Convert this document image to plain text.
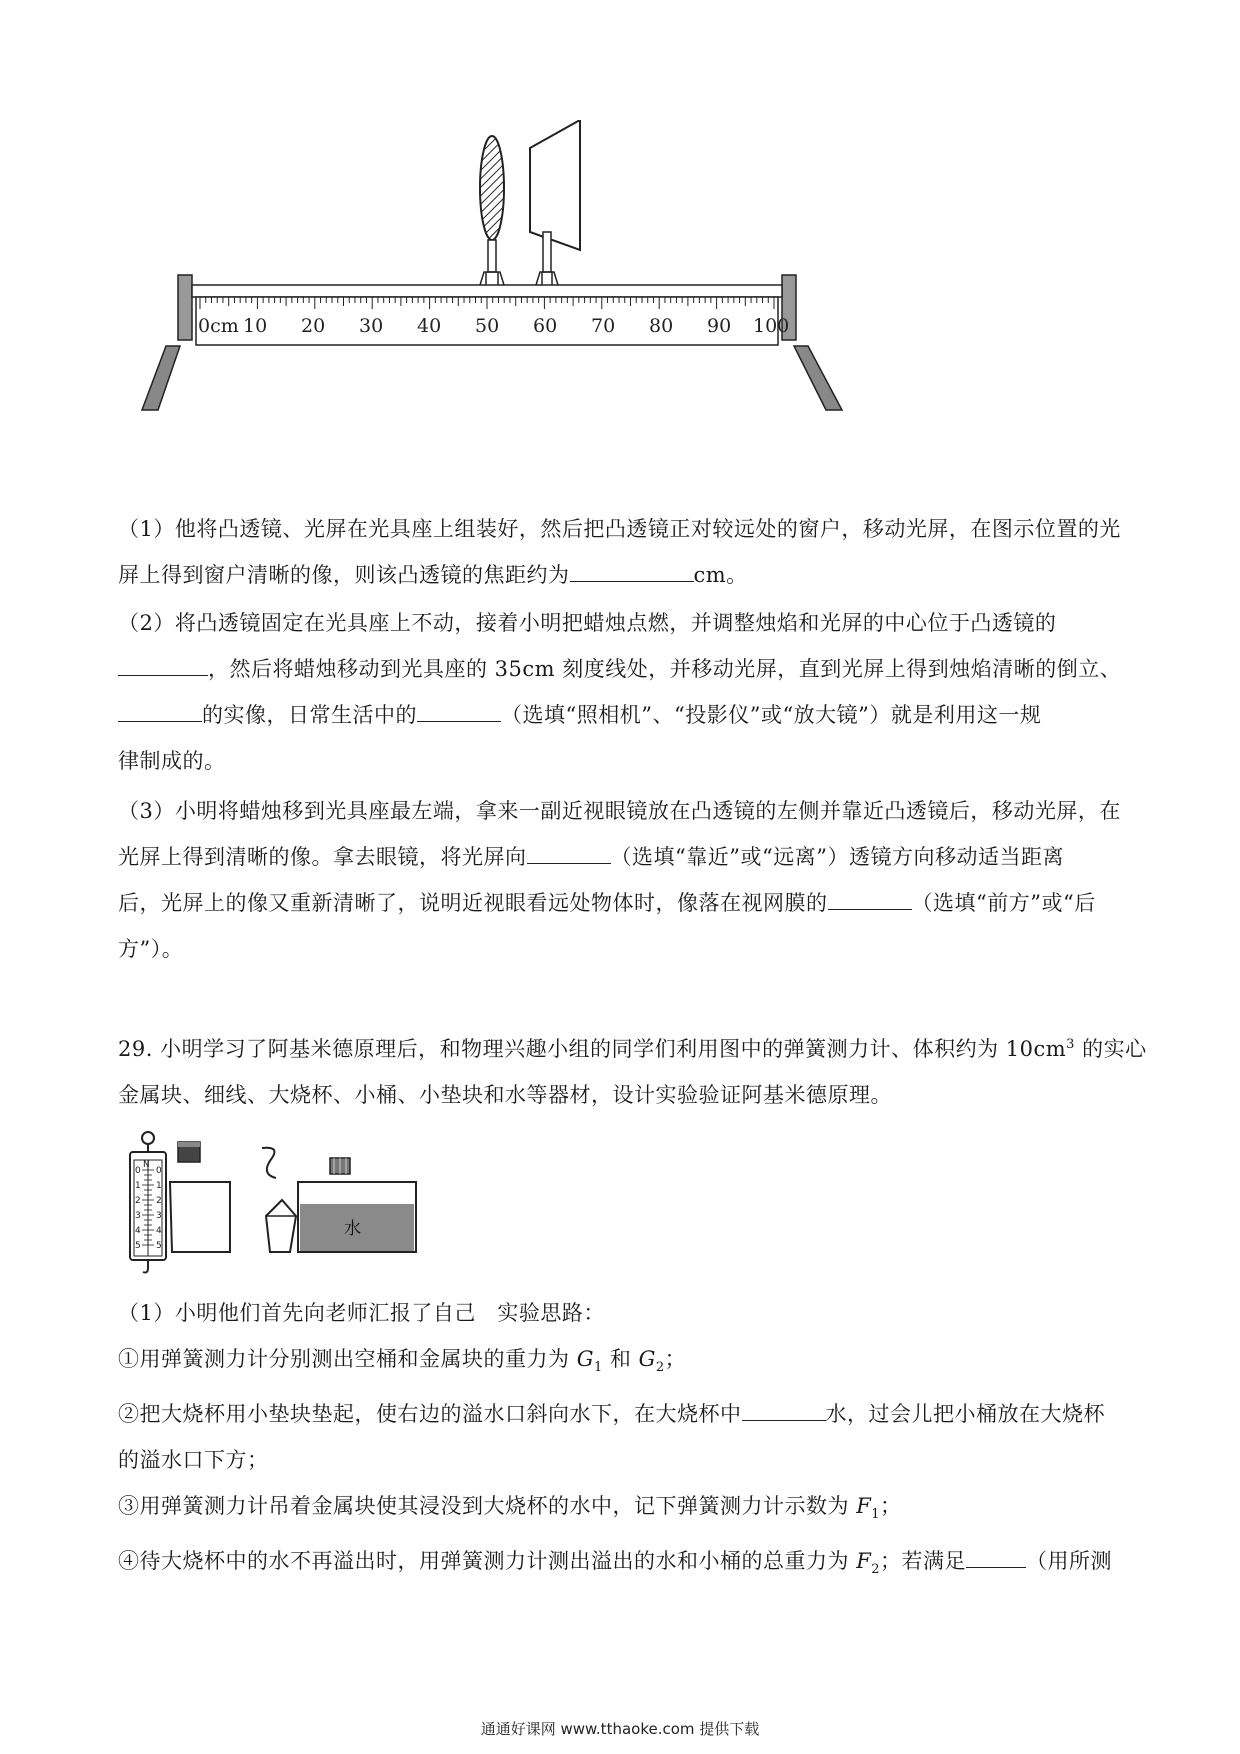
0cm 10 20 30 40 50 60 70 80 90 100
（1）他将凸透镜、光屏在光具座上组装好，然后把凸透镜正对较远处的窗户，移动光屏，在图示位置的光
屏上得到窗户清晰的像，则该凸透镜的焦距约为	cm。
（2）将凸透镜固定在光具座上不动，接着小明把蜡烛点燃，并调整烛焰和光屏的中心位于凸透镜的
，然后将蜡烛移动到光具座的 35cm 刻度线处，并移动光屏，直到光屏上得到烛焰清晰的倒立、
的实像，日常生活中的	（选填“照相机”、“投影仪”或“放大镜”）就是利用这一规
律制成的。
（3）小明将蜡烛移到光具座最左端，拿来一副近视眼镜放在凸透镜的左侧并靠近凸透镜后，移动光屏，在
光屏上得到清晰的像。拿去眼镜，将光屏向	（选填“靠近”或“远离”）透镜方向移动适当距离
后，光屏上的像又重新清晰了，说明近视眼看远处物体时，像落在视网膜的	（选填“前方”或“后
方”）。
29. 小明学习了阿基米德原理后，和物理兴趣小组的同学们利用图中的弹簧测力计、体积约为 $10cm^3$ 的实心
金属块、细线、大烧杯、小桶、小垫块和水等器材，设计实验验证阿基米德原理。
N
0
1
2
3
4
5
0
1
2
3
4
5
水
（1）小明他们首先向老师汇报了自己　实验思路：
①用弹簧测力计分别测出空桶和金属块的重力为 $G_1$ 和 $G_2$；
②把大烧杯用小垫块垫起，使右边的溢水口斜向水下，在大烧杯中	水，过会儿把小桶放在大烧杯
的溢水口下方；
③用弹簧测力计吊着金属块使其浸没到大烧杯的水中，记下弹簧测力计示数为 $F_1$；
④待大烧杯中的水不再溢出时，用弹簧测力计测出溢出的水和小桶的总重力为 $F_2$；若满足	（用所测
通通好课网 www.tthaoke.com 提供下载
